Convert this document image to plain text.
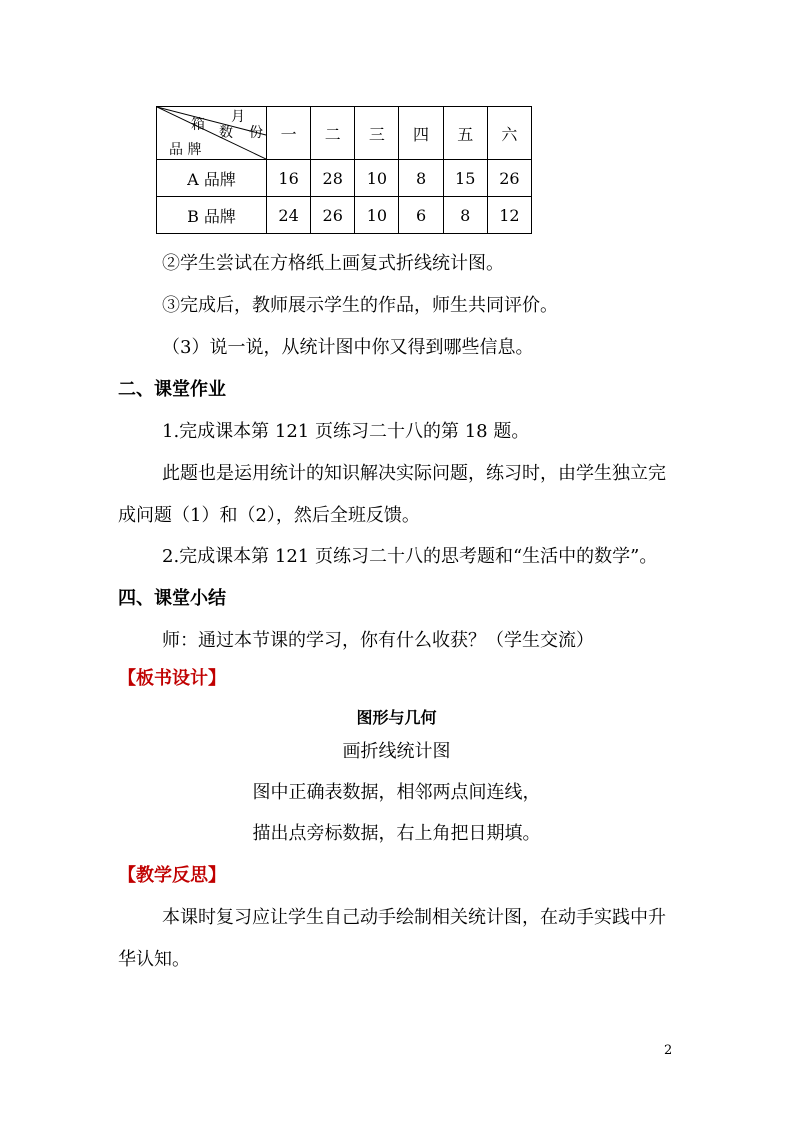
月
箱 数 份
品 牌	一	二	三	四	五	六
A 品牌	16	28	10	8	15	26
B 品牌	24	26	10	6	8	12
②学生尝试在方格纸上画复式折线统计图。
③完成后，教师展示学生的作品，师生共同评价。
（3）说一说，从统计图中你又得到哪些信息。
二、课堂作业
1.完成课本第 121 页练习二十八的第 18 题。
此题也是运用统计的知识解决实际问题，练习时，由学生独立完
成问题（1）和（2），然后全班反馈。
2.完成课本第 121 页练习二十八的思考题和“生活中的数学”。
四、课堂小结
师：通过本节课的学习，你有什么收获？（学生交流）
【板书设计】
图形与几何
画折线统计图
图中正确表数据，相邻两点间连线，
描出点旁标数据，右上角把日期填。
【教学反思】
本课时复习应让学生自己动手绘制相关统计图，在动手实践中升
华认知。
2
